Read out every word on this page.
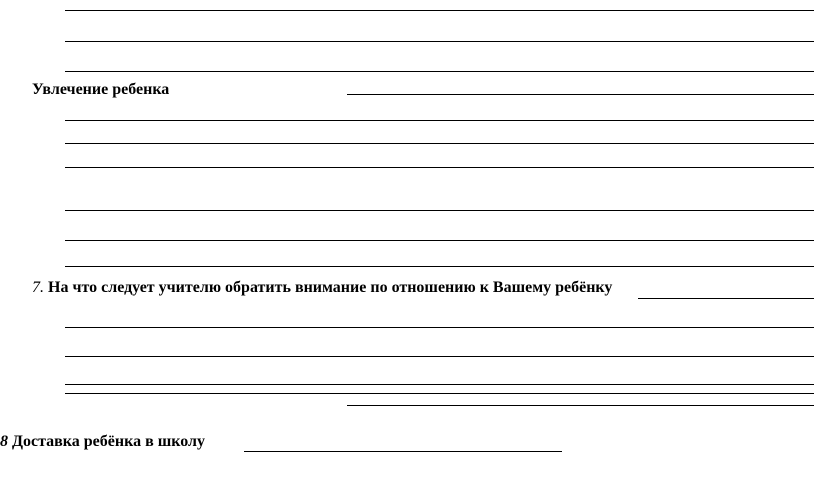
Увлечение ребенка
7. На что следует учителю обратить внимание по отношению к Вашему ребёнку
8 Доставка ребёнка в школу
